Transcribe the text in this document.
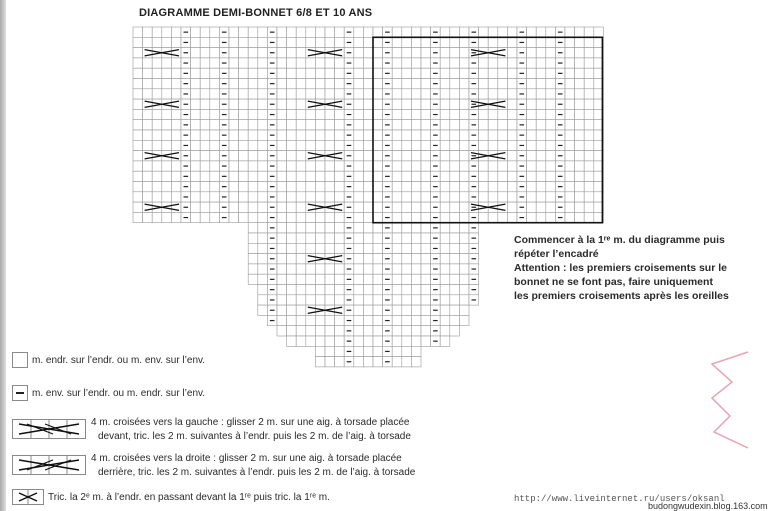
DIAGRAMME DEMI-BONNET 6/8 ET 10 ANS
Commencer à la 1ʳᵉ m. du diagramme puis
répéter l’encadré
Attention : les premiers croisements sur le
bonnet ne se font pas, faire uniquement
les premiers croisements après les oreilles
m. endr. sur l’endr. ou m. env. sur l’env.
m. env. sur l’endr. ou m. endr. sur l’env.
4 m. croisées vers la gauche : glisser 2 m. sur une aig. à torsade placée
devant, tric. les 2 m. suivantes à l’endr. puis les 2 m. de l’aig. à torsade
4 m. croisées vers la droite : glisser 2 m. sur une aig. à torsade placée
derrière, tric. les 2 m. suivantes à l’endr. puis les 2 m. de l’aig. à torsade
Tric. la 2ᵉ m. à l’endr. en passant devant la 1ʳᵉ puis tric. la 1ʳᵉ m.	http://www.liveinternet.ru/users/oksanl
budongwudexin.blog.163.com
